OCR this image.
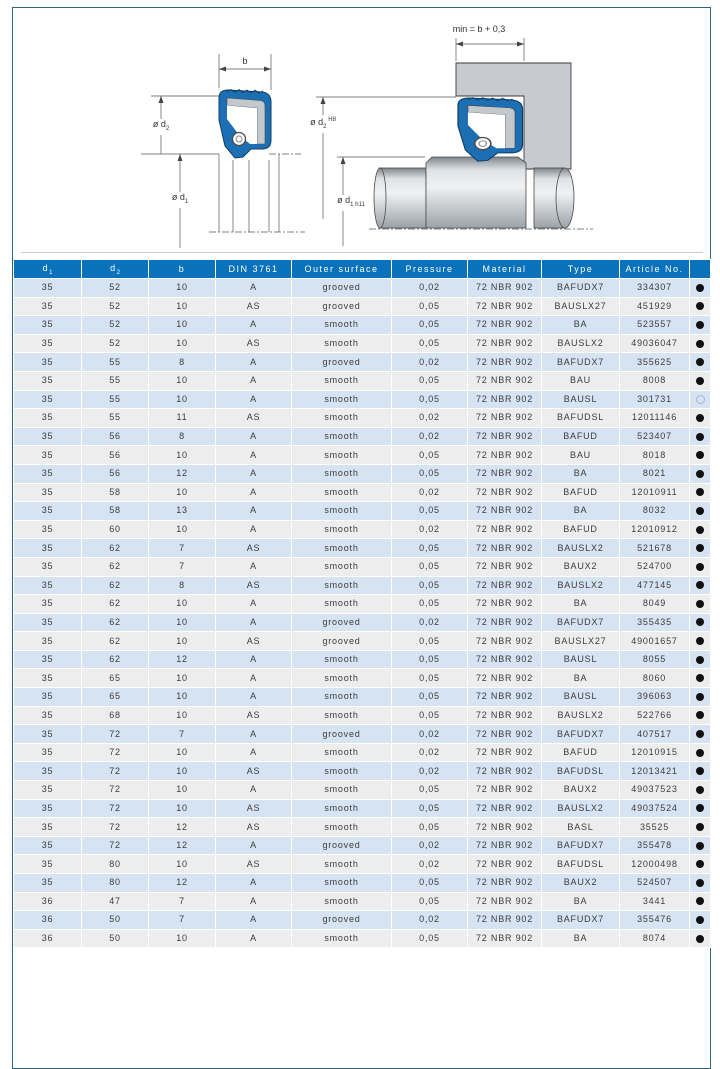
b
ø $d_2$
ø $d_1$
min = b + 0,3
ø $d_2$ $^{H8}$
ø $d_1$  $_{h11}$
$d_1$	$d_2$	b	DIN 3761	Outer surface	Pressure	Material	Type	Article No.	
35	52	10	A	grooved	0,02	72 NBR 902	BAFUDX7	334307	

35	52	10	AS	grooved	0,05	72 NBR 902	BAUSLX27	451929	

35	52	10	A	smooth	0,05	72 NBR 902	BA	523557	

35	52	10	AS	smooth	0,05	72 NBR 902	BAUSLX2	49036047	

35	55	8	A	grooved	0,02	72 NBR 902	BAFUDX7	355625	

35	55	10	A	smooth	0,05	72 NBR 902	BAU	8008	

35	55	10	A	smooth	0,05	72 NBR 902	BAUSL	301731	

35	55	11	AS	smooth	0,02	72 NBR 902	BAFUDSL	12011146	

35	56	8	A	smooth	0,02	72 NBR 902	BAFUD	523407	

35	56	10	A	smooth	0,05	72 NBR 902	BAU	8018	

35	56	12	A	smooth	0,05	72 NBR 902	BA	8021	

35	58	10	A	smooth	0,02	72 NBR 902	BAFUD	12010911	

35	58	13	A	smooth	0,05	72 NBR 902	BA	8032	

35	60	10	A	smooth	0,02	72 NBR 902	BAFUD	12010912	

35	62	7	AS	smooth	0,05	72 NBR 902	BAUSLX2	521678	

35	62	7	A	smooth	0,05	72 NBR 902	BAUX2	524700	

35	62	8	AS	smooth	0,05	72 NBR 902	BAUSLX2	477145	

35	62	10	A	smooth	0,05	72 NBR 902	BA	8049	

35	62	10	A	grooved	0,02	72 NBR 902	BAFUDX7	355435	

35	62	10	AS	grooved	0,05	72 NBR 902	BAUSLX27	49001657	

35	62	12	A	smooth	0,05	72 NBR 902	BAUSL	8055	

35	65	10	A	smooth	0,05	72 NBR 902	BA	8060	

35	65	10	A	smooth	0,05	72 NBR 902	BAUSL	396063	

35	68	10	AS	smooth	0,05	72 NBR 902	BAUSLX2	522766	

35	72	7	A	grooved	0,02	72 NBR 902	BAFUDX7	407517	

35	72	10	A	smooth	0,02	72 NBR 902	BAFUD	12010915	

35	72	10	AS	smooth	0,02	72 NBR 902	BAFUDSL	12013421	

35	72	10	A	smooth	0,05	72 NBR 902	BAUX2	49037523	

35	72	10	AS	smooth	0,05	72 NBR 902	BAUSLX2	49037524	

35	72	12	AS	smooth	0,05	72 NBR 902	BASL	35525	

35	72	12	A	grooved	0,02	72 NBR 902	BAFUDX7	355478	

35	80	10	AS	smooth	0,02	72 NBR 902	BAFUDSL	12000498	

35	80	12	A	smooth	0,05	72 NBR 902	BAUX2	524507	

36	47	7	A	smooth	0,05	72 NBR 902	BA	3441	

36	50	7	A	grooved	0,02	72 NBR 902	BAFUDX7	355476	

36	50	10	A	smooth	0,05	72 NBR 902	BA	8074	
